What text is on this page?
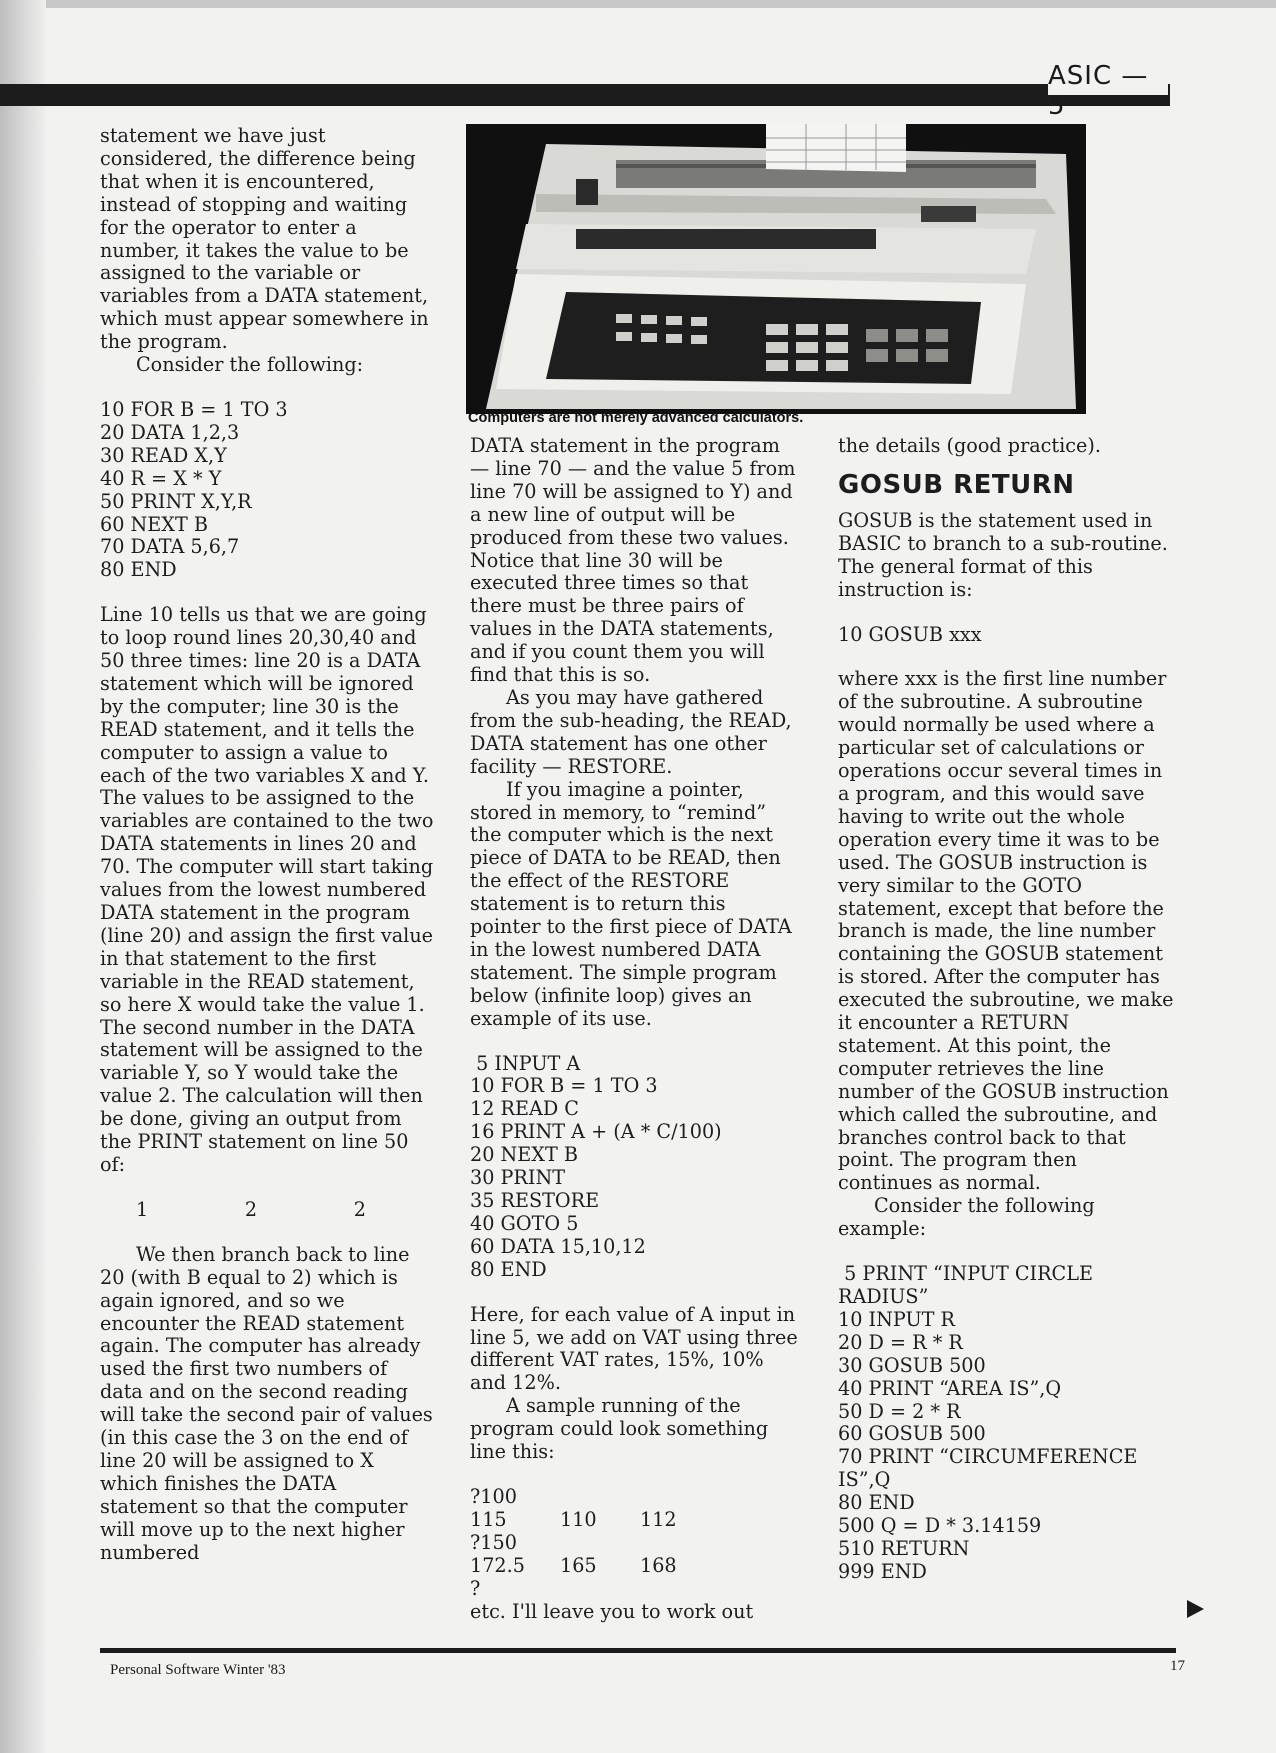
ASIC — 5
Computers are not merely advanced calculators.

statement we have just considered, the difference being that when it is encountered, instead of stopping and waiting for the operator to enter a number, it takes the value to be assigned to the variable or variables from a DATA statement, which must appear somewhere in the program.

Consider the following:

10 FOR B = 1 TO 3
20 DATA 1,2,3
30 READ X,Y
40 R = X * Y
50 PRINT X,Y,R
60 NEXT B
70 DATA 5,6,7
80 END

Line 10 tells us that we are going to loop round lines 20,30,40 and 50 three times: line 20 is a DATA statement which will be ignored by the computer; line 30 is the READ statement, and it tells the computer to assign a value to each of the two variables X and Y. The values to be assigned to the variables are contained to the two DATA statements in lines 20 and 70. The computer will start taking values from the lowest numbered DATA statement in the program (line 20) and assign the first value in that statement to the first variable in the READ statement, so here X would take the value 1. The second number in the DATA statement will be assigned to the variable Y, so Y would take the value 2. The calculation will then be done, giving an output from the PRINT statement on line 50 of:

1	2	2

We then branch back to line 20 (with B equal to 2) which is again ignored, and so we encounter the READ statement again. The computer has already used the first two numbers of data and on the second reading will take the second pair of values (in this case the 3 on the end of line 20 will be assigned to X which finishes the DATA statement so that the computer will move up to the next higher numbered

DATA statement in the program — line 70 — and the value 5 from line 70 will be assigned to Y) and a new line of output will be produced from these two values. Notice that line 30 will be executed three times so that there must be three pairs of values in the DATA statements, and if you count them you will find that this is so.

As you may have gathered from the sub-heading, the READ, DATA statement has one other facility — RESTORE.

If you imagine a pointer, stored in memory, to “remind” the computer which is the next piece of DATA to be READ, then the effect of the RESTORE statement is to return this pointer to the first piece of DATA in the lowest numbered DATA statement. The simple program below (infinite loop) gives an example of its use.

5 INPUT A
10 FOR B = 1 TO 3
12 READ C
16 PRINT A + (A * C/100)
20 NEXT B
30 PRINT
35 RESTORE
40 GOTO 5
60 DATA 15,10,12
80 END

Here, for each value of A input in line 5, we add on VAT using three different VAT rates, 15%, 10% and 12%.

A sample running of the program could look something line this:

?100
115	110	112
?150
172.5	165	168
?

etc. I'll leave you to work out

the details (good practice).

GOSUB RETURN

GOSUB is the statement used in BASIC to branch to a sub-routine. The general format of this instruction is:

10 GOSUB xxx

where xxx is the first line number of the subroutine. A subroutine would normally be used where a particular set of calculations or operations occur several times in a program, and this would save having to write out the whole operation every time it was to be used. The GOSUB instruction is very similar to the GOTO statement, except that before the branch is made, the line number containing the GOSUB statement is stored. After the computer has executed the subroutine, we make it encounter a RETURN statement. At this point, the computer retrieves the line number of the GOSUB instruction which called the subroutine, and branches control back to that point. The program then continues as normal.

Consider the following example:

5 PRINT “INPUT CIRCLE
RADIUS”
10 INPUT R
20 D = R * R
30 GOSUB 500
40 PRINT “AREA IS”,Q
50 D = 2 * R
60 GOSUB 500
70 PRINT “CIRCUMFERENCE
IS”,Q
80 END
500 Q = D * 3.14159
510 RETURN
999 END
Personal Software Winter '83	17
